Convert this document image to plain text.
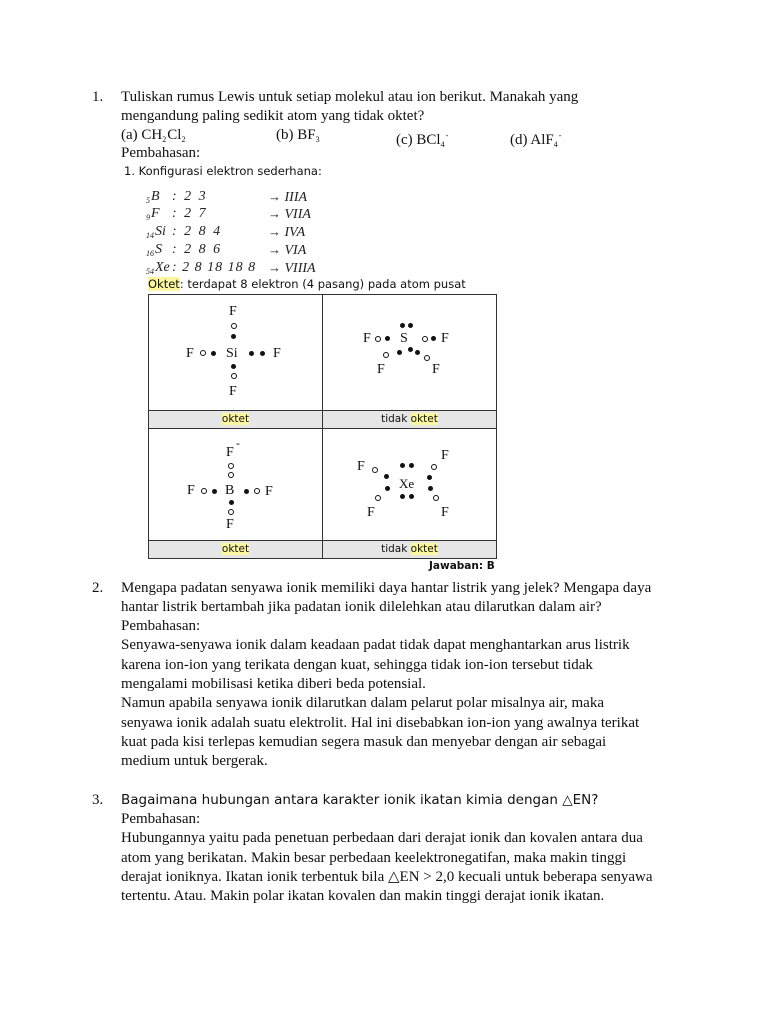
1. Tuliskan rumus Lewis untuk setiap molekul atau ion berikut. Manakah yang
mengandung paling sedikit atom yang tidak oktet?
(a) $CH_2Cl_2$	(b) $BF_3$	(c) BCl$_4$-	(d) AlF$_4$-
Pembahasan:
1. Konfigurasi elektron sederhana:
$_5$B : 2 3	→ IIIA
$_9$F : 2 7	→ VIIA
$_{14}$Si : 2 8 4	→ IVA
$_{16}$S : 2 8 6	→ VIA
$_{54}$Xe : 2 8 18 18 8 → VIIIA
Oktet: terdapat 8 elektron (4 pasang) pada atom pusat
oktet	tidak oktet
oktet	tidak oktet
F
F Si	F
F
F S F
F	F
-
F
F B F
F
F
F
Xe
F	F
Jawaban: B
2. Mengapa padatan senyawa ionik memiliki daya hantar listrik yang jelek? Mengapa daya
hantar listrik bertambah jika padatan ionik dilelehkan atau dilarutkan dalam air?
Pembahasan:
Senyawa-senyawa ionik dalam keadaan padat tidak dapat menghantarkan arus listrik
karena ion-ion yang terikata dengan kuat, sehingga tidak ion-ion tersebut tidak
mengalami mobilisasi ketika diberi beda potensial.
Namun apabila senyawa ionik dilarutkan dalam pelarut polar misalnya air, maka
senyawa ionik adalah suatu elektrolit. Hal ini disebabkan ion-ion yang awalnya terikat
kuat pada kisi terlepas kemudian segera masuk dan menyebar dengan air sebagai
medium untuk bergerak.
3. Bagaimana hubungan antara karakter ionik ikatan kimia dengan △EN?
Pembahasan:
Hubungannya yaitu pada penetuan perbedaan dari derajat ionik dan kovalen antara dua
atom yang berikatan. Makin besar perbedaan keelektronegatifan, maka makin tinggi
derajat ioniknya. Ikatan ionik terbentuk bila △EN > 2,0 kecuali untuk beberapa senyawa
tertentu. Atau. Makin polar ikatan kovalen dan makin tinggi derajat ionik ikatan.
